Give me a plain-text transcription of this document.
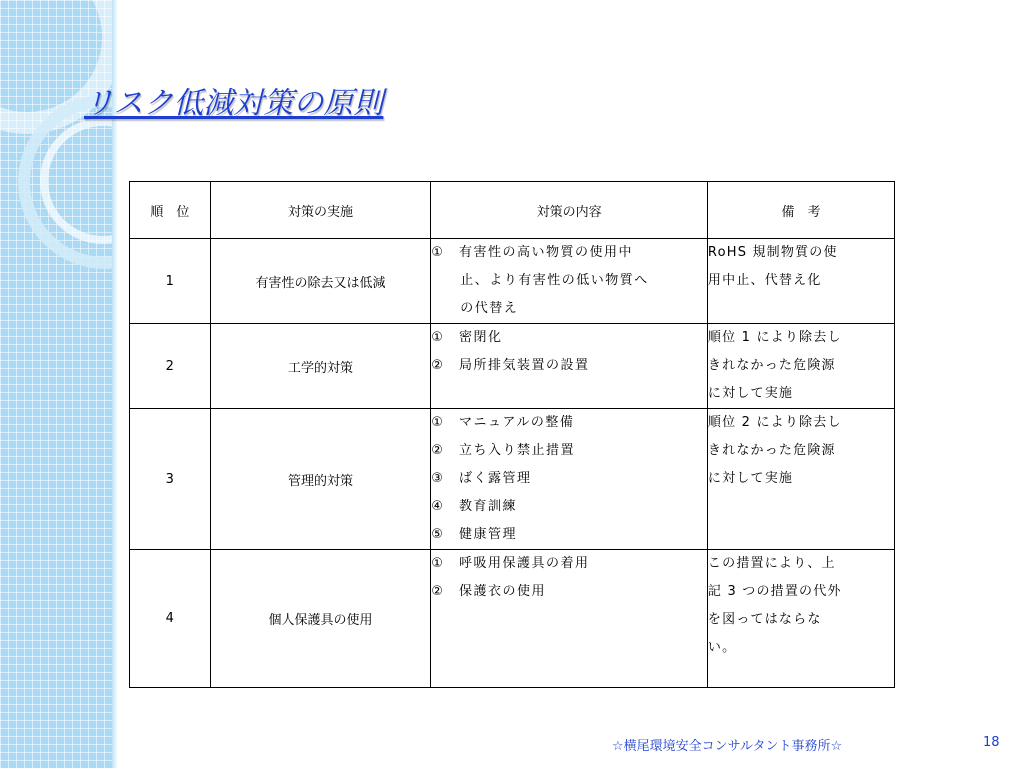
リスク低減対策の原則
順　位	対策の実施	対策の内容	備　考
1	有害性の除去又は低減	①　有害性の高い物質の使用中
　　止、より有害性の低い物質へ
　　の代替え	RoHS 規制物質の使
用中止、代替え化

2	工学的対策	①　密閉化
②　局所排気装置の設置	順位 1 により除去し
きれなかった危険源
に対して実施

3	管理的対策	①　マニュアルの整備
②　立ち入り禁止措置
③　ばく露管理
④　教育訓練
⑤　健康管理	順位 2 により除去し
きれなかった危険源
に対して実施

4	個人保護具の使用	①　呼吸用保護具の着用
②　保護衣の使用	この措置により、上
記 3 つの措置の代外
を図ってはならな
い。
☆横尾環境安全コンサルタント事務所☆	18
